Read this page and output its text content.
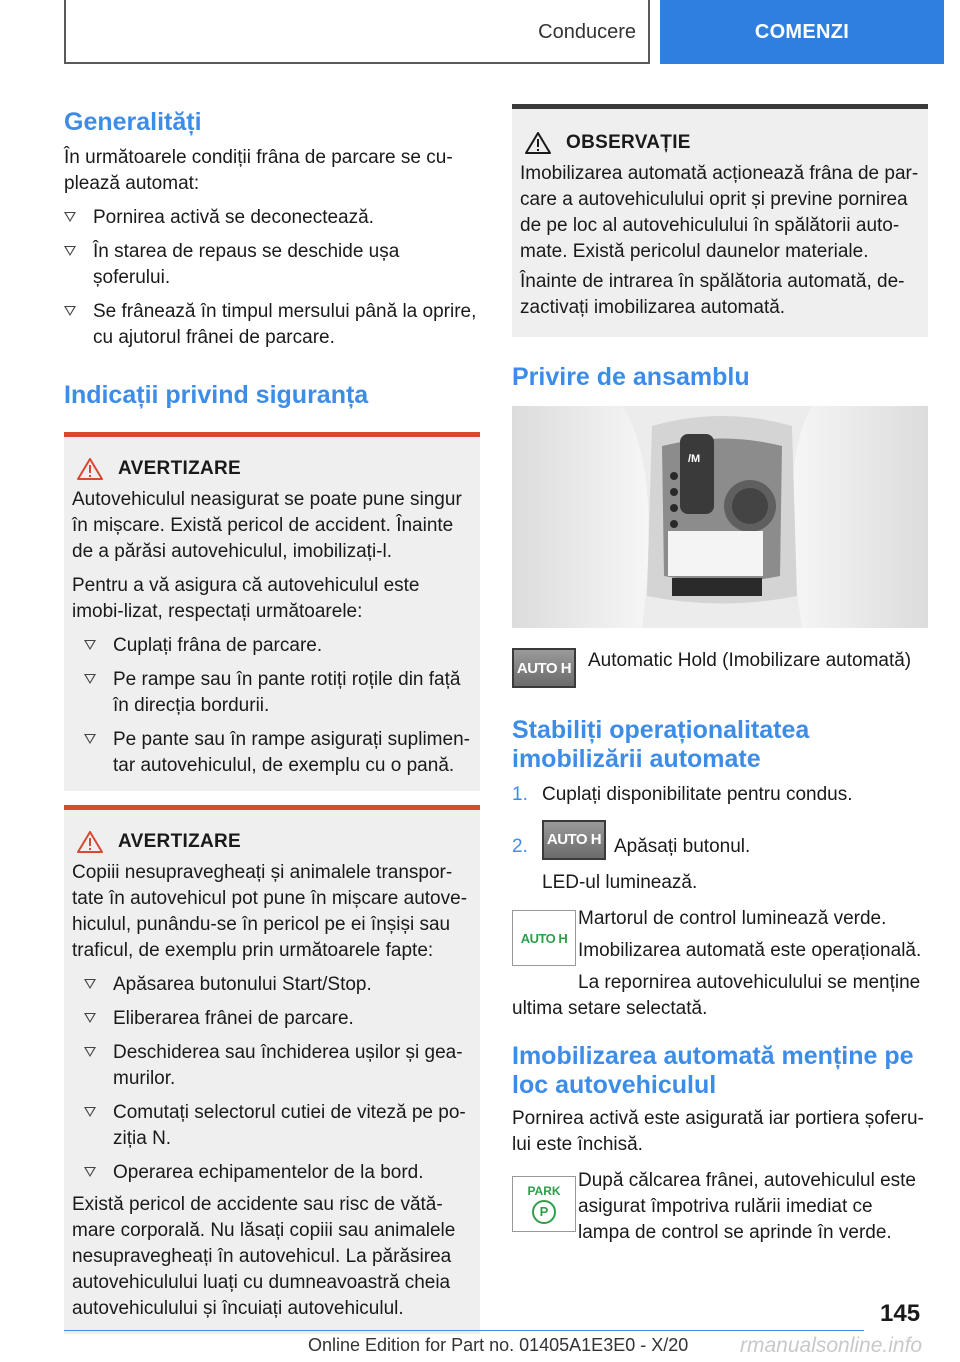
Conducere	COMENZI
Generalități

În următoarele condiții frâna de parcare se cu-plează automat:

Pornirea activă se deconectează.
În starea de repaus se deschide ușa șoferului.
Se frânează în timpul mersului până la oprire, cu ajutorul frânei de parcare.
Indicații privind siguranța
AVERTIZARE

Autovehiculul neasigurat se poate pune singur în mișcare. Există pericol de accident. Înainte de a părăsi autovehiculul, imobilizați-l.

Pentru a vă asigura că autovehiculul este imobi-lizat, respectați următoarele:

Cuplați frâna de parcare.
Pe rampe sau în pante rotiți roțile din față în direcția bordurii.
Pe pante sau în rampe asigurați suplimen-tar autovehiculul, de exemplu cu o pană.
AVERTIZARE

Copiii nesupravegheați și animalele transpor-tate în autovehicul pot pune în mișcare autove-hiculul, punându-se în pericol pe ei înșiși sau traficul, de exemplu prin următoarele fapte:

Apăsarea butonului Start/Stop.
Eliberarea frânei de parcare.
Deschiderea sau închiderea ușilor și gea-murilor.
Comutați selectorul cutiei de viteză pe po-ziția N.
Operarea echipamentelor de la bord.

Există pericol de accidente sau risc de vătă-mare corporală. Nu lăsați copiii sau animalele nesupravegheați în autovehicul. La părăsirea autovehiculului luați cu dumneavoastră cheia autovehiculului și încuiați autovehiculul.

OBSERVAȚIE

Imobilizarea automată acționează frâna de par-care a autovehiculului oprit și previne pornirea de pe loc al autovehiculului în spălătorii auto-mate. Există pericolul daunelor materiale.

Înainte de intrarea în spălătoria automată, de-zactivați imobilizarea automată.

Privire de ansamblu
/M
AUTO H Automatic Hold (Imobilizare automată)

Stabiliți operaționalitatea imobilizării automate
1. Cuplați disponibilitate pentru condus.
2.	AUTO H Apăsați butonul.

LED-ul luminează.

AUTO H

Martorul de control luminează verde.

Imobilizarea automată este operațională.

La repornirea autovehiculului se menține ultima setare selectată.

Imobilizarea automată menține pe loc autovehiculul

Pornirea activă este asigurată iar portiera șoferu-lui este închisă.

PARK
P

După călcarea frânei, autovehiculul este asigurat împotriva rulării imediat ce lampa de control se aprinde în verde.

145
Online Edition for Part no. 01405A1E3E0 - X/20 rmanualsonline.info
